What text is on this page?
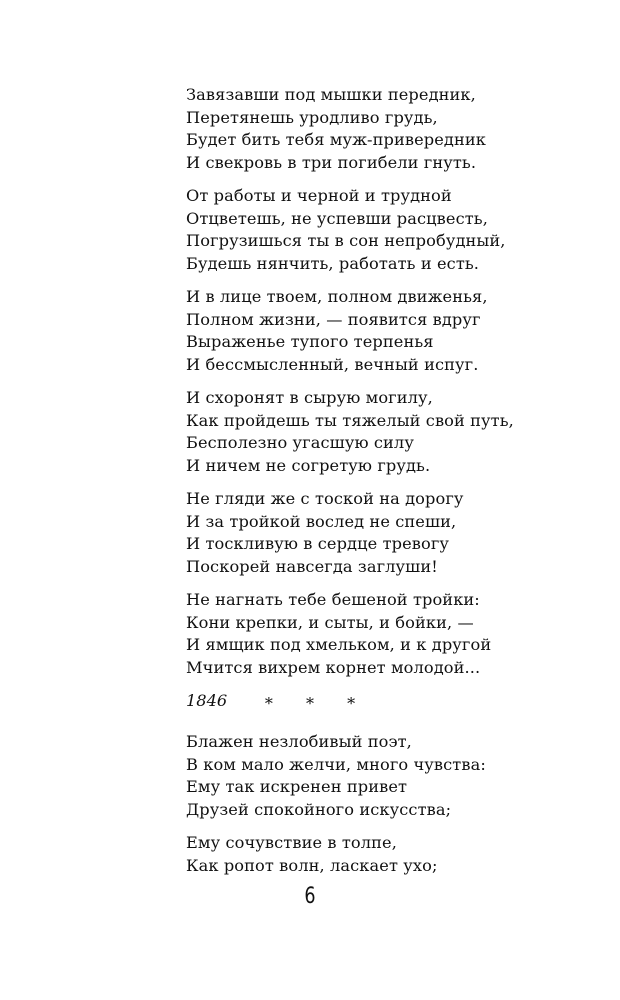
Завязавши под мышки передник,
Перетянешь уродливо грудь,
Будет бить тебя муж-привередник
И свекровь в три погибели гнуть.
От работы и черной и трудной
Отцветешь, не успевши расцвесть,
Погрузишься ты в сон непробудный,
Будешь нянчить, работать и есть.
И в лице твоем, полном движенья,
Полном жизни, — появится вдруг
Выраженье тупого терпенья
И бессмысленный, вечный испуг.
И схоронят в сырую могилу,
Как пройдешь ты тяжелый свой путь,
Бесполезно угасшую силу
И ничем не согретую грудь.
Не гляди же с тоской на дорогу
И за тройкой вослед не спеши,
И тоскливую в сердце тревогу
Поскорей навсегда заглуши!
Не нагнать тебе бешеной тройки:
Кони крепки, и сыты, и бойки, —
И ямщик под хмельком, и к другой
Мчится вихрем корнет молодой...
1846	* * *
Блажен незлобивый поэт,
В ком мало желчи, много чувства:
Ему так искренен привет
Друзей спокойного искусства;
Ему сочувствие в толпе,
Как ропот волн, ласкает ухо;
6
